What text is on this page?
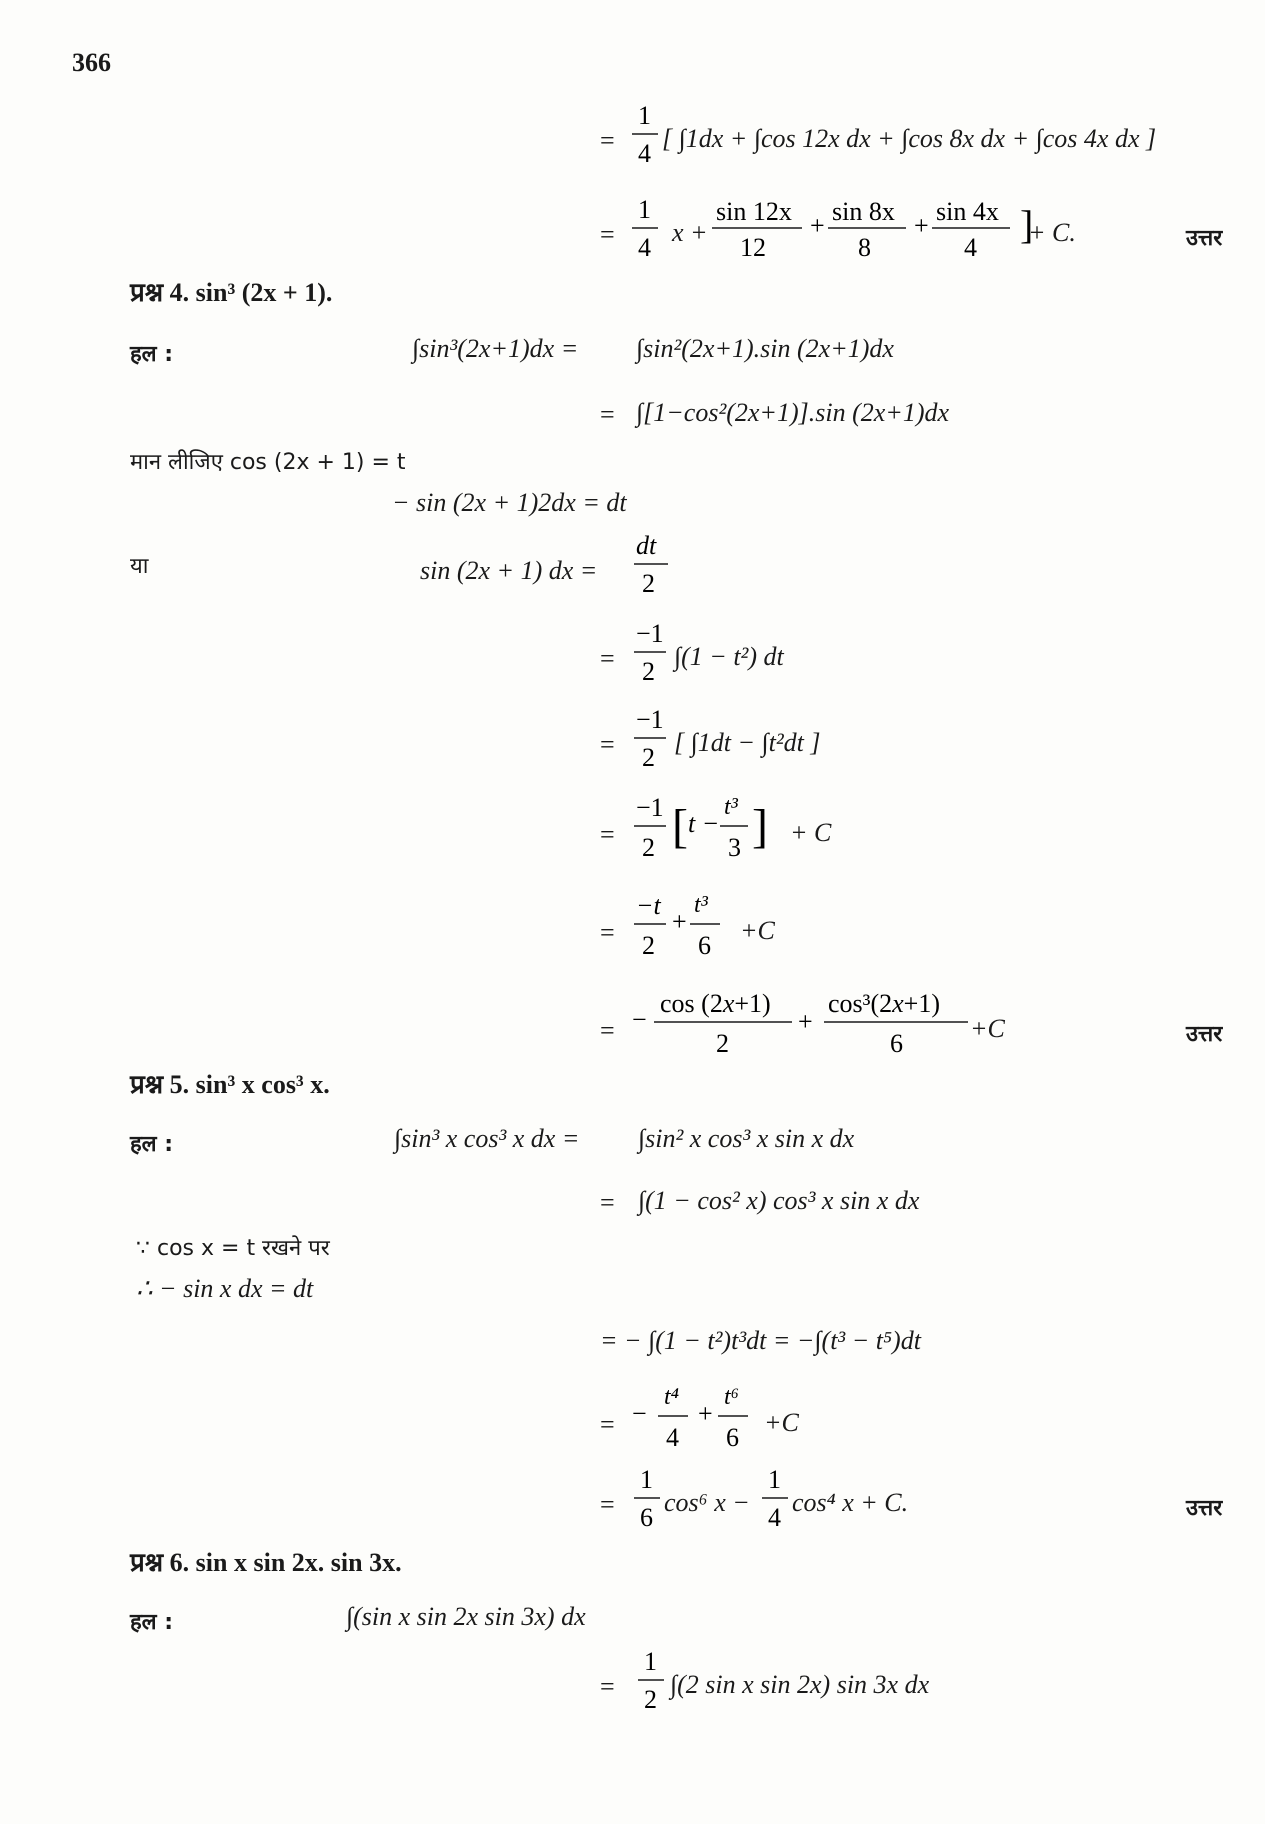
366
=
1
4
[ ∫1dx + ∫cos 12x dx + ∫cos 8x dx + ∫cos 4x dx ]
=
1
4
x +
sin 12x
12
+ sin 8x
8
+ sin 4x
4
]
+ C.	उत्तर
प्रश्न 4. sin³ (2x + 1).
हल :	∫sin³(2x+1)dx = ∫sin²(2x+1).sin (2x+1)dx
= ∫[1−cos²(2x+1)].sin (2x+1)dx
मान लीजिए cos (2x + 1) = t
− sin (2x + 1)2dx = dt
या	sin (2x + 1) dx =
dt
2
=
−1
2
∫(1 − t²) dt
=
−1
2
[ ∫1dt − ∫t²dt ]
=
−1
2 [ t −
t³
3 ] + C
=
−t
2
+
t³
6
+C
= −
cos (2x+1)
2
+
cos³(2x+1)
6
+C	उत्तर
प्रश्न 5. sin³ x cos³ x.
हल :	∫sin³ x cos³ x dx = ∫sin² x cos³ x sin x dx
= ∫(1 − cos² x) cos³ x sin x dx
∵ cos x = t रखने पर
∴ − sin x dx = dt
= − ∫(1 − t²)t³dt = −∫(t³ − t⁵)dt
= −
t⁴
4
+
t⁶
6
+C
=
1
6
cos⁶ x −
1
4
cos⁴ x + C.	उत्तर
प्रश्न 6. sin x sin 2x. sin 3x.
हल :	∫(sin x sin 2x sin 3x) dx
=
1
2
∫(2 sin x sin 2x) sin 3x dx
